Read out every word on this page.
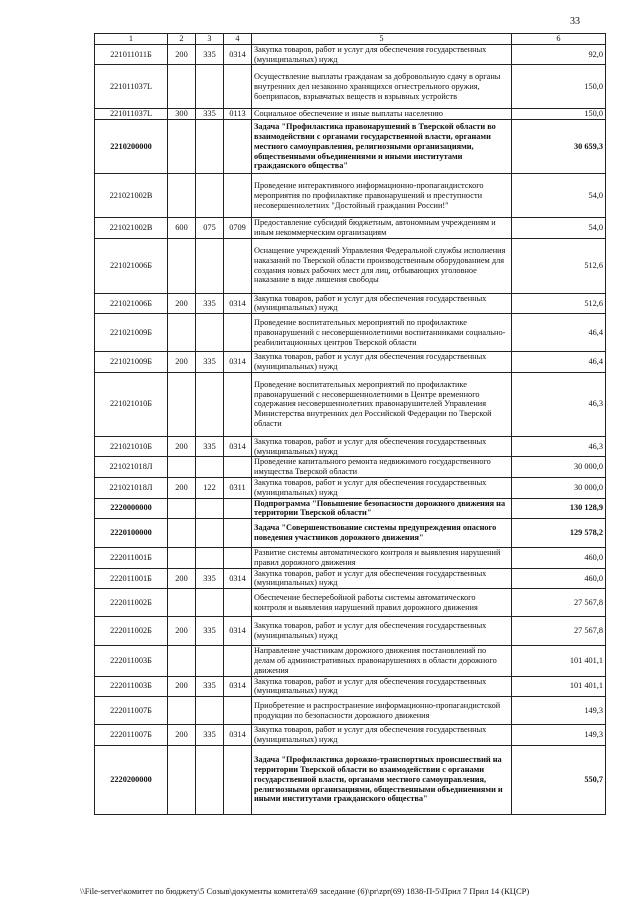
33
1	2	3	4	5	6
221011011Б	200	335	0314	Закупка товаров, работ и услуг для обеспечения государственных (муниципальных) нужд	92,0
221011037L				Осуществление выплаты гражданам за добровольную сдачу в органы внутренних дел незаконно хранящихся огнестрельного оружия, боеприпасов, взрывчатых веществ и взрывных устройств	150,0
221011037L	300	335	0113	Социальное обеспечение и иные выплаты населению	150,0
2210200000				Задача "Профилактика правонарушений в Тверской области во взаимодействии с органами государственной власти, органами местного самоуправления, религиозными организациями, общественными объединениями и иными институтами гражданского общества"	30 659,3
221021002В				Проведение интерактивного информационно-пропагандистского мероприятия по профилактике правонарушений и преступности несовершеннолетних "Достойный гражданин России!"	54,0
221021002В	600	075	0709	Предоставление субсидий бюджетным, автономным учреждениям и иным некоммерческим организациям	54,0
221021006Б				Оснащение учреждений Управления Федеральной службы исполнения наказаний по Тверской области производственным оборудованием для создания новых рабочих мест для лиц, отбывающих уголовное наказание в виде лишения свободы	512,6
221021006Б	200	335	0314	Закупка товаров, работ и услуг для обеспечения государственных (муниципальных) нужд	512,6
221021009Б				Проведение воспитательных мероприятий по профилактике правонарушений с несовершеннолетними воспитанниками социально-реабилитационных центров Тверской области	46,4
221021009Б	200	335	0314	Закупка товаров, работ и услуг для обеспечения государственных (муниципальных) нужд	46,4
221021010Б				Проведение воспитательных мероприятий по профилактике правонарушений с несовершеннолетними в Центре временного содержания несовершеннолетних правонарушителей Управления Министерства внутренних дел Российской Федерации по Тверской области	46,3
221021010Б	200	335	0314	Закупка товаров, работ и услуг для обеспечения государственных (муниципальных) нужд	46,3
221021018Л				Проведение капитального ремонта недвижимого государственного имущества Тверской области	30 000,0
221021018Л	200	122	0311	Закупка товаров, работ и услуг для обеспечения государственных (муниципальных) нужд	30 000,0
2220000000				Подпрограмма "Повышение безопасности дорожного движения на территории Тверской области"	130 128,9
2220100000				Задача "Совершенствование системы предупреждения опасного поведения участников дорожного движения"	129 578,2
222011001Б				Развитие системы автоматического контроля и выявления нарушений правил дорожного движения	460,0
222011001Б	200	335	0314	Закупка товаров, работ и услуг для обеспечения государственных (муниципальных) нужд	460,0
222011002Б				Обеспечение бесперебойной работы системы автоматического контроля и выявления нарушений правил дорожного движения	27 567,8
222011002Б	200	335	0314	Закупка товаров, работ и услуг для обеспечения государственных (муниципальных) нужд	27 567,8
222011003Б				Направление участникам дорожного движения постановлений по делам об административных правонарушениях в области дорожного движения	101 401,1
222011003Б	200	335	0314	Закупка товаров, работ и услуг для обеспечения государственных (муниципальных) нужд	101 401,1
222011007Б				Приобретение и распространение информационно-пропагандистской продукции по безопасности дорожного движения	149,3
222011007Б	200	335	0314	Закупка товаров, работ и услуг для обеспечения государственных (муниципальных) нужд	149,3
2220200000				Задача "Профилактика дорожно-транспортных происшествий на территории Тверской области во взаимодействии с органами государственной власти, органами местного самоуправления, религиозными организациями, общественными объединениями и иными институтами гражданского общества"	550,7
\\File-server\комитет по бюджету\5 Созыв\документы комитета\69 заседание (6)\pr\zpr(69) 1838-П-5\Прил 7 Прил 14 (КЦСР)
